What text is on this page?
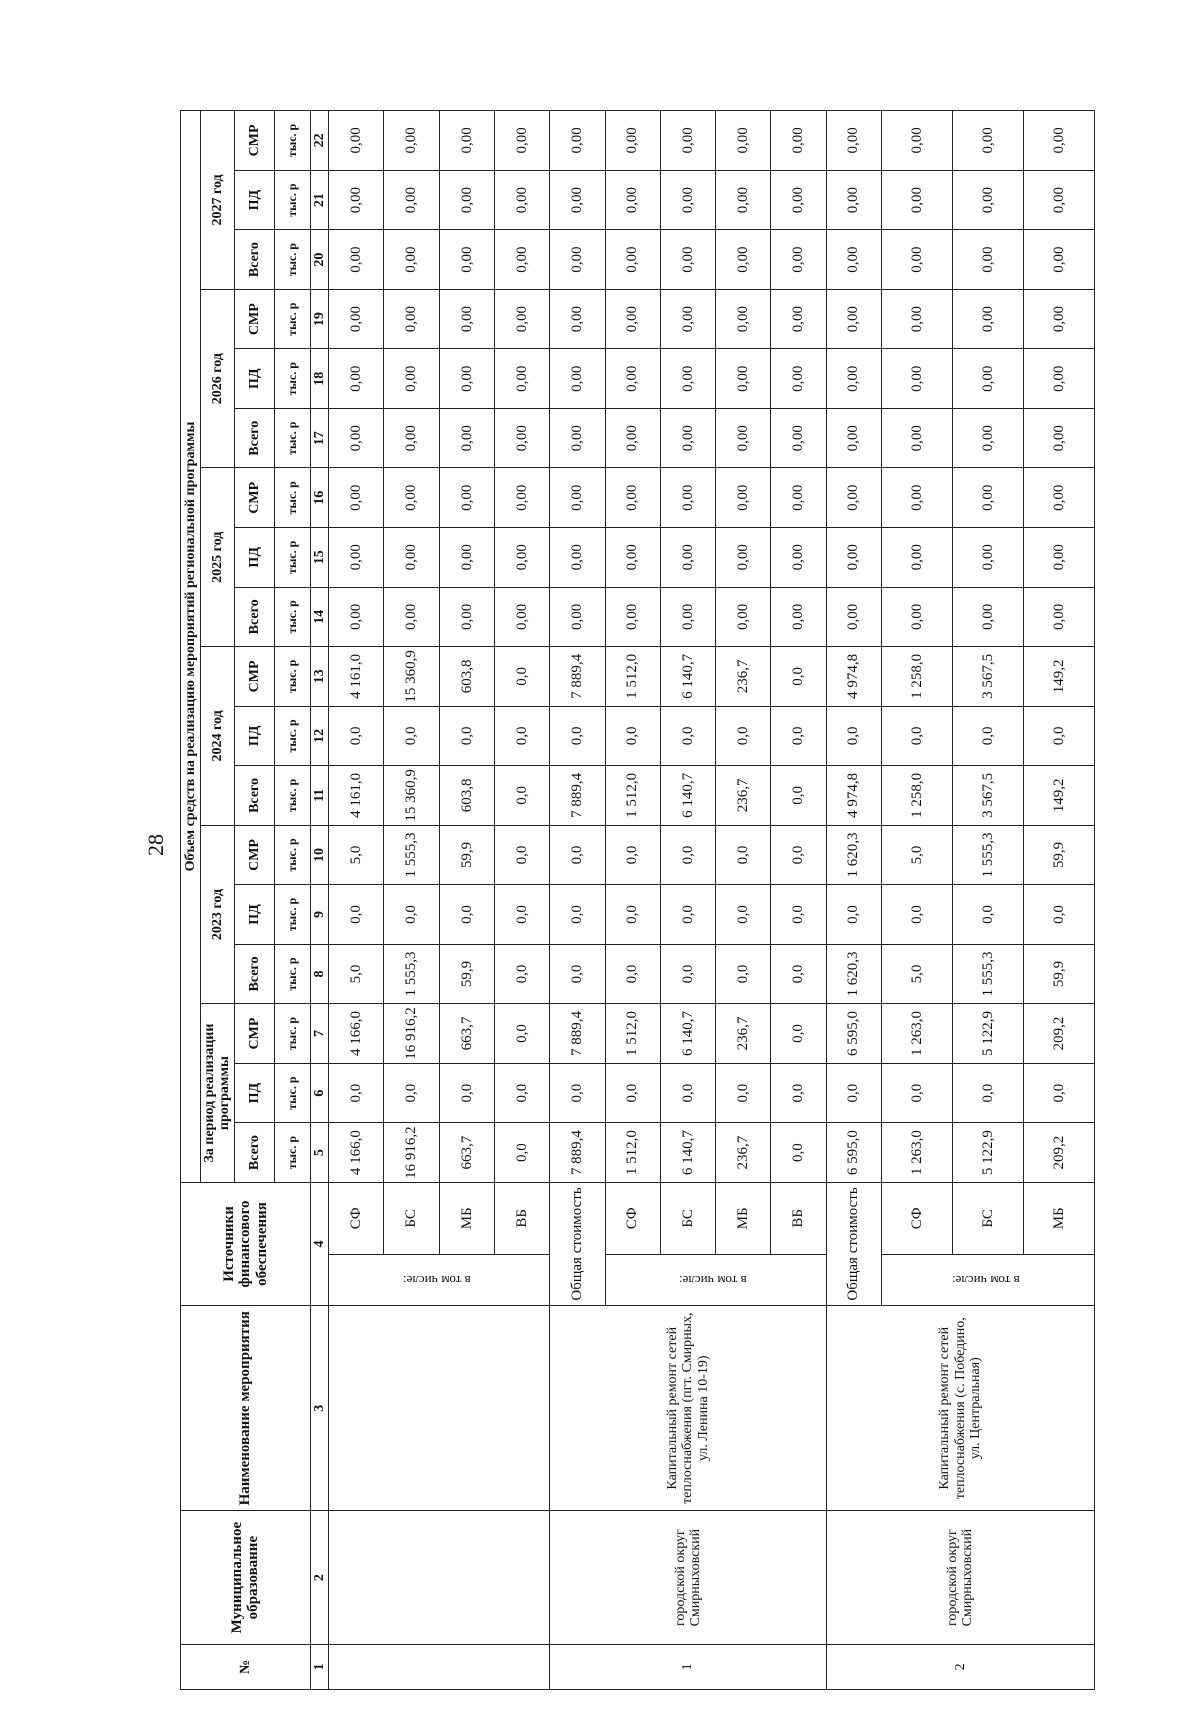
28
№	Муниципальное образование	Наименование мероприятия	Источники финансового обеспечения		Объем средств на реализацию мероприятий региональной программы																	
					За период реализации программы			2023 год			2024 год			2025 год			2026 год			2027 год		
					Всего	ПД	СМР	Всего	ПД	СМР	Всего	ПД	СМР	Всего	ПД	СМР	Всего	ПД	СМР	Всего	ПД	СМР
					тыс. р	тыс. р	тыс. р	тыс. р	тыс. р	тыс. р	тыс. р	тыс. р	тыс. р	тыс. р	тыс. р	тыс. р	тыс. р	тыс. р	тыс. р	тыс. р	тыс. р	тыс. р
1	2	3	4		5	6	7	8	9	10	11	12	13	14	15	16	17	18	19	20	21	22
			в том числе:	СФ	4 166,0	0,0	4 166,0	5,0	0,0	5,0	4 161,0	0,0	4 161,0	0,00	0,00	0,00	0,00	0,00	0,00	0,00	0,00	0,00
				БС	16 916,2	0,0	16 916,2	1 555,3	0,0	1 555,3	15 360,9	0,0	15 360,9	0,00	0,00	0,00	0,00	0,00	0,00	0,00	0,00	0,00
				МБ	663,7	0,0	663,7	59,9	0,0	59,9	603,8	0,0	603,8	0,00	0,00	0,00	0,00	0,00	0,00	0,00	0,00	0,00
				ВБ	0,0	0,0	0,0	0,0	0,0	0,0	0,0	0,0	0,0	0,00	0,00	0,00	0,00	0,00	0,00	0,00	0,00	0,00
1	городской округ Смирныховский	Капитальный ремонт сетей теплоснабжения (пгт. Смирных, ул. Ленина 10-19)	Общая стоимость		7 889,4	0,0	7 889,4	0,0	0,0	0,0	7 889,4	0,0	7 889,4	0,00	0,00	0,00	0,00	0,00	0,00	0,00	0,00	0,00
			в том числе:	СФ	1 512,0	0,0	1 512,0	0,0	0,0	0,0	1 512,0	0,0	1 512,0	0,00	0,00	0,00	0,00	0,00	0,00	0,00	0,00	0,00
				БС	6 140,7	0,0	6 140,7	0,0	0,0	0,0	6 140,7	0,0	6 140,7	0,00	0,00	0,00	0,00	0,00	0,00	0,00	0,00	0,00
				МБ	236,7	0,0	236,7	0,0	0,0	0,0	236,7	0,0	236,7	0,00	0,00	0,00	0,00	0,00	0,00	0,00	0,00	0,00
				ВБ	0,0	0,0	0,0	0,0	0,0	0,0	0,0	0,0	0,0	0,00	0,00	0,00	0,00	0,00	0,00	0,00	0,00	0,00
2	городской округ Смирныховский	Капитальный ремонт сетей теплоснабжения (с. Победино, ул. Центральная)	Общая стоимость		6 595,0	0,0	6 595,0	1 620,3	0,0	1 620,3	4 974,8	0,0	4 974,8	0,00	0,00	0,00	0,00	0,00	0,00	0,00	0,00	0,00
			в том числе:	СФ	1 263,0	0,0	1 263,0	5,0	0,0	5,0	1 258,0	0,0	1 258,0	0,00	0,00	0,00	0,00	0,00	0,00	0,00	0,00	0,00
				БС	5 122,9	0,0	5 122,9	1 555,3	0,0	1 555,3	3 567,5	0,0	3 567,5	0,00	0,00	0,00	0,00	0,00	0,00	0,00	0,00	0,00
				МБ	209,2	0,0	209,2	59,9	0,0	59,9	149,2	0,0	149,2	0,00	0,00	0,00	0,00	0,00	0,00	0,00	0,00	0,00
